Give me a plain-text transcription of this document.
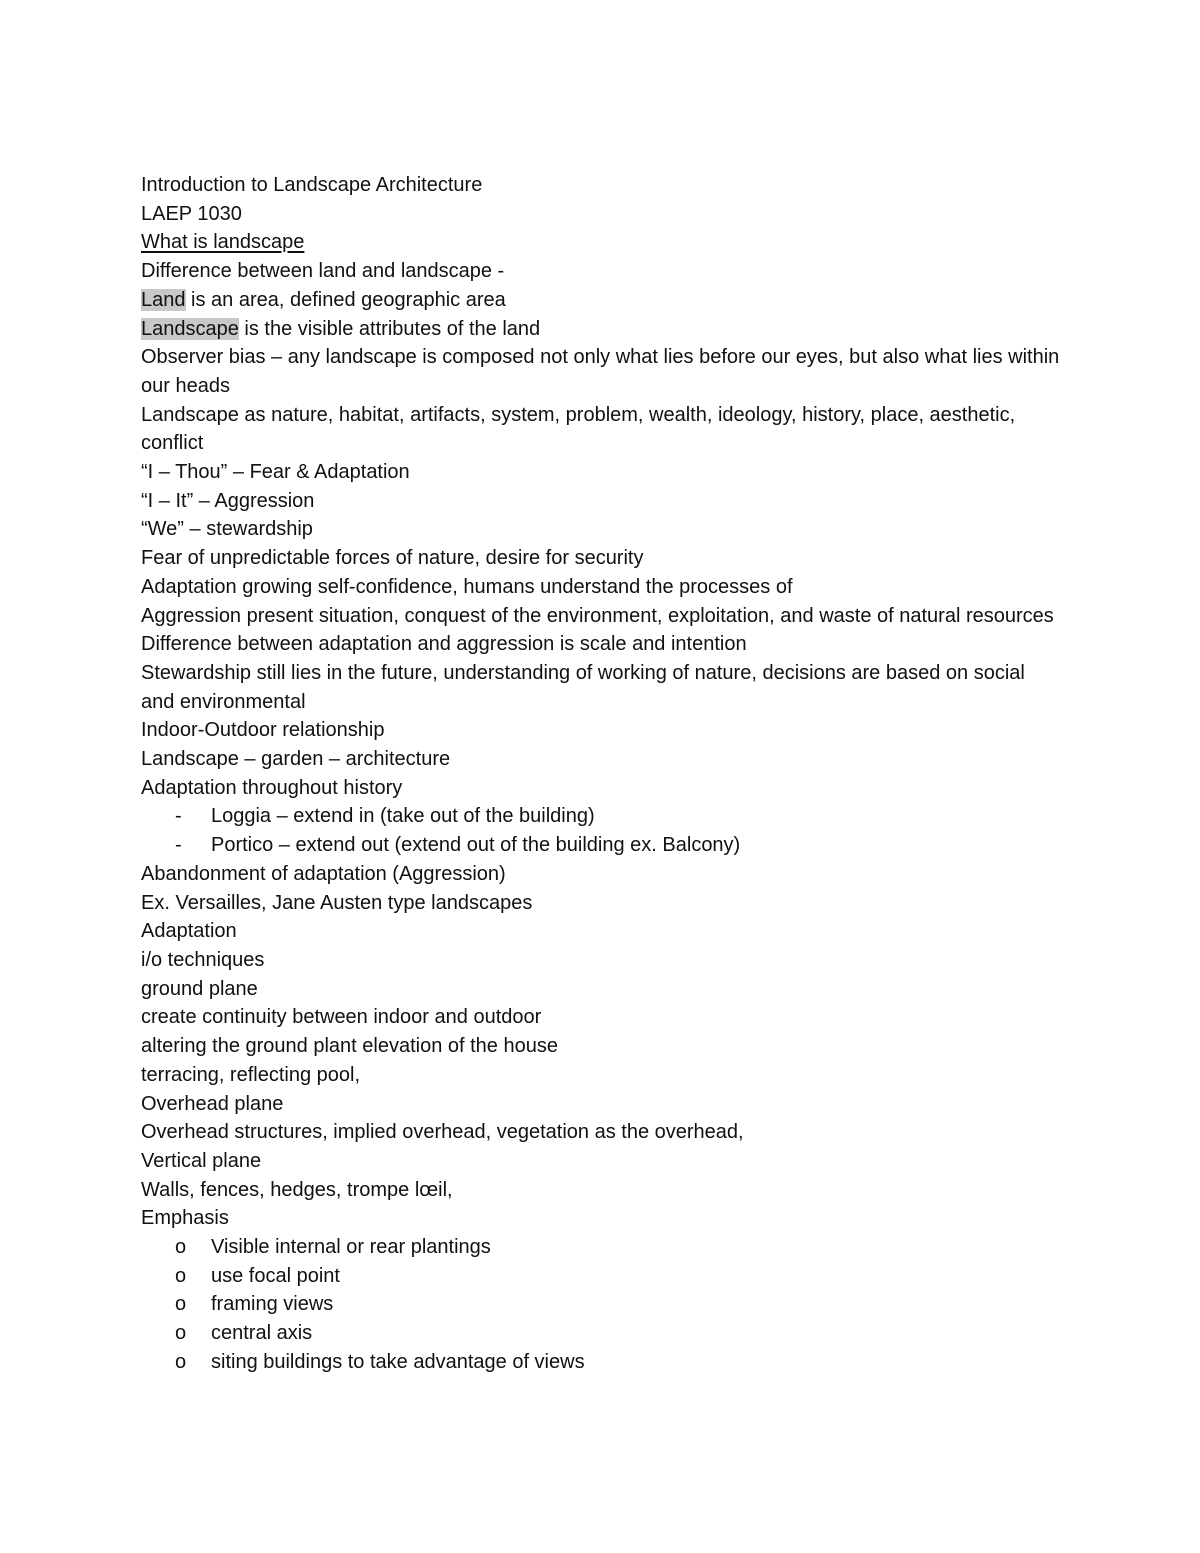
Introduction to Landscape Architecture

LAEP 1030

What is landscape

Difference between land and landscape -

Land is an area, defined geographic area

Landscape is the visible attributes of the land

Observer bias – any landscape is composed not only what lies before our eyes, but also what lies within our heads

Landscape as nature, habitat, artifacts, system, problem, wealth, ideology, history, place, aesthetic, conflict

“I – Thou” – Fear & Adaptation

“I – It” – Aggression

“We” – stewardship

Fear of unpredictable forces of nature, desire for security

Adaptation growing self-confidence, humans understand the processes of

Aggression present situation, conquest of the environment, exploitation, and waste of natural resources

Difference between adaptation and aggression is scale and intention

Stewardship still lies in the future, understanding of working of nature, decisions are based on social and environmental

Indoor-Outdoor relationship

Landscape – garden – architecture

Adaptation throughout history

-	Loggia – extend in (take out of the building)
-	Portico – extend out (extend out of the building ex. Balcony)

Abandonment of adaptation (Aggression)

Ex. Versailles, Jane Austen type landscapes

Adaptation

i/o techniques

ground plane

create continuity between indoor and outdoor

altering the ground plant elevation of the house

terracing, reflecting pool,

Overhead plane

Overhead structures, implied overhead, vegetation as the overhead,

Vertical plane

Walls, fences, hedges, trompe lœil,

Emphasis

o	Visible internal or rear plantings
o	use focal point
o	framing views
o	central axis
o	siting buildings to take advantage of views
